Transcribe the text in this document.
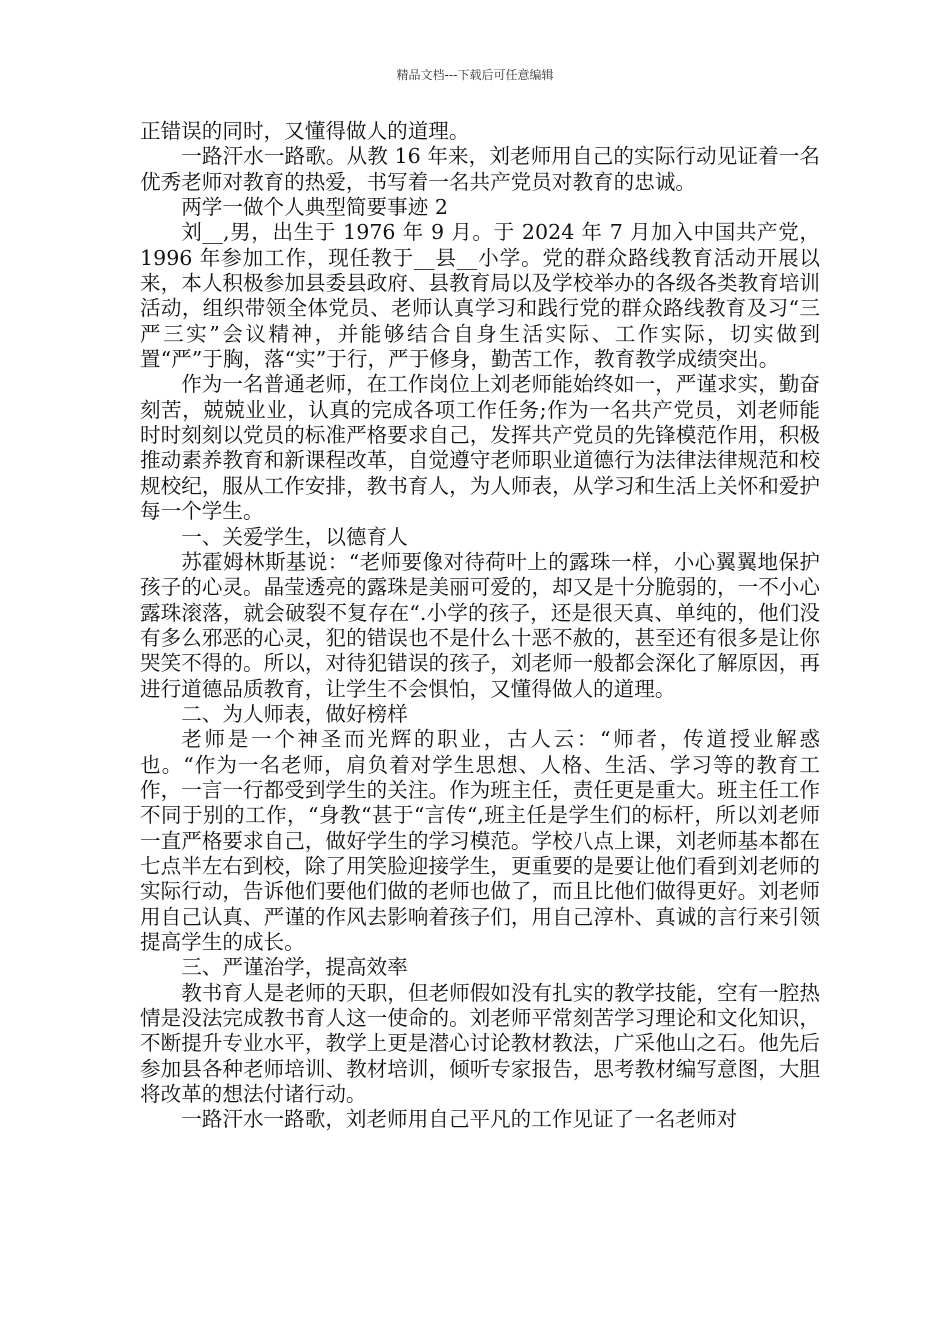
精品文档---下载后可任意编辑

正错误的同时，又懂得做人的道理。

一路汗水一路歌。从教 16 年来，刘老师用自己的实际行动见证着一名优秀老师对教育的热爱，书写着一名共产党员对教育的忠诚。

两学一做个人典型简要事迹 2

刘__,男，出生于 1976 年 9 月。于 2024 年 7 月加入中国共产党，1996 年参加工作，现任教于__县__小学。党的群众路线教育活动开展以来，本人积极参加县委县政府、县教育局以及学校举办的各级各类教育培训活动，组织带领全体党员、老师认真学习和践行党的群众路线教育及习“三严三实”会议精神，并能够结合自身生活实际、工作实际，切实做到置“严”于胸，落“实”于行，严于修身，勤苦工作，教育教学成绩突出。

作为一名普通老师，在工作岗位上刘老师能始终如一，严谨求实，勤奋刻苦，兢兢业业，认真的完成各项工作任务;作为一名共产党员，刘老师能时时刻刻以党员的标准严格要求自己，发挥共产党员的先锋模范作用，积极推动素养教育和新课程改革，自觉遵守老师职业道德行为法律法律规范和校规校纪，服从工作安排，教书育人，为人师表，从学习和生活上关怀和爱护每一个学生。

一、关爱学生，以德育人

苏霍姆林斯基说：“老师要像对待荷叶上的露珠一样，小心翼翼地保护孩子的心灵。晶莹透亮的露珠是美丽可爱的，却又是十分脆弱的，一不小心露珠滚落，就会破裂不复存在“.小学的孩子，还是很天真、单纯的，他们没有多么邪恶的心灵，犯的错误也不是什么十恶不赦的，甚至还有很多是让你哭笑不得的。所以，对待犯错误的孩子，刘老师一般都会深化了解原因，再进行道德品质教育，让学生不会惧怕，又懂得做人的道理。

二、为人师表，做好榜样

老师是一个神圣而光辉的职业，古人云：“师者，传道授业解惑也。“作为一名老师，肩负着对学生思想、人格、生活、学习等的教育工作，一言一行都受到学生的关注。作为班主任，责任更是重大。班主任工作不同于别的工作，“身教“甚于“言传“,班主任是学生们的标杆，所以刘老师一直严格要求自己，做好学生的学习模范。学校八点上课，刘老师基本都在七点半左右到校，除了用笑脸迎接学生，更重要的是要让他们看到刘老师的实际行动，告诉他们要他们做的老师也做了，而且比他们做得更好。刘老师用自己认真、严谨的作风去影响着孩子们，用自己淳朴、真诚的言行来引领提高学生的成长。

三、严谨治学，提高效率

教书育人是老师的天职，但老师假如没有扎实的教学技能，空有一腔热情是没法完成教书育人这一使命的。刘老师平常刻苦学习理论和文化知识，不断提升专业水平，教学上更是潜心讨论教材教法，广采他山之石。他先后参加县各种老师培训、教材培训，倾听专家报告，思考教材编写意图，大胆将改革的想法付诸行动。

一路汗水一路歌，刘老师用自己平凡的工作见证了一名老师对
